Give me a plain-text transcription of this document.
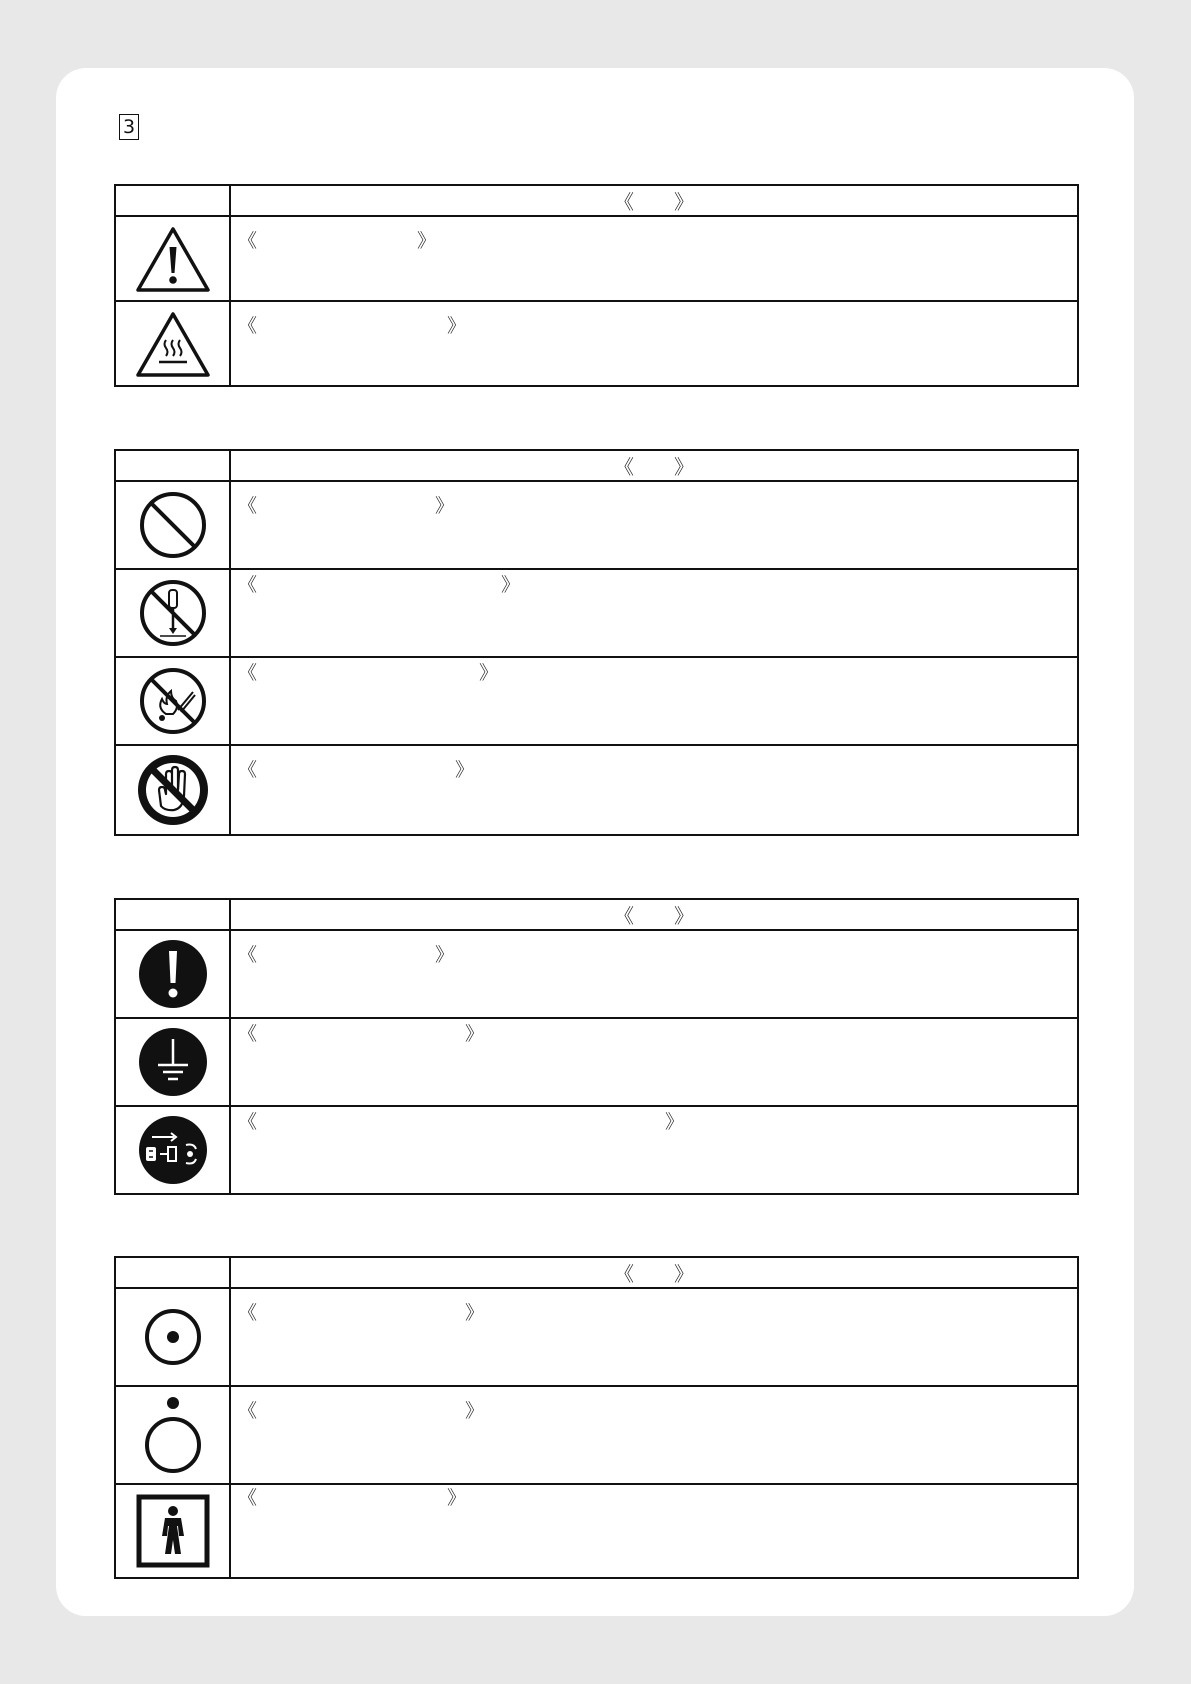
3
	《　　》

《 》

《 》
	《　　》

《 》

《 》

《 》

《 》
	《　　》

《 》

《 》

《 》
	《　　》

《 》

《 》

《 》
